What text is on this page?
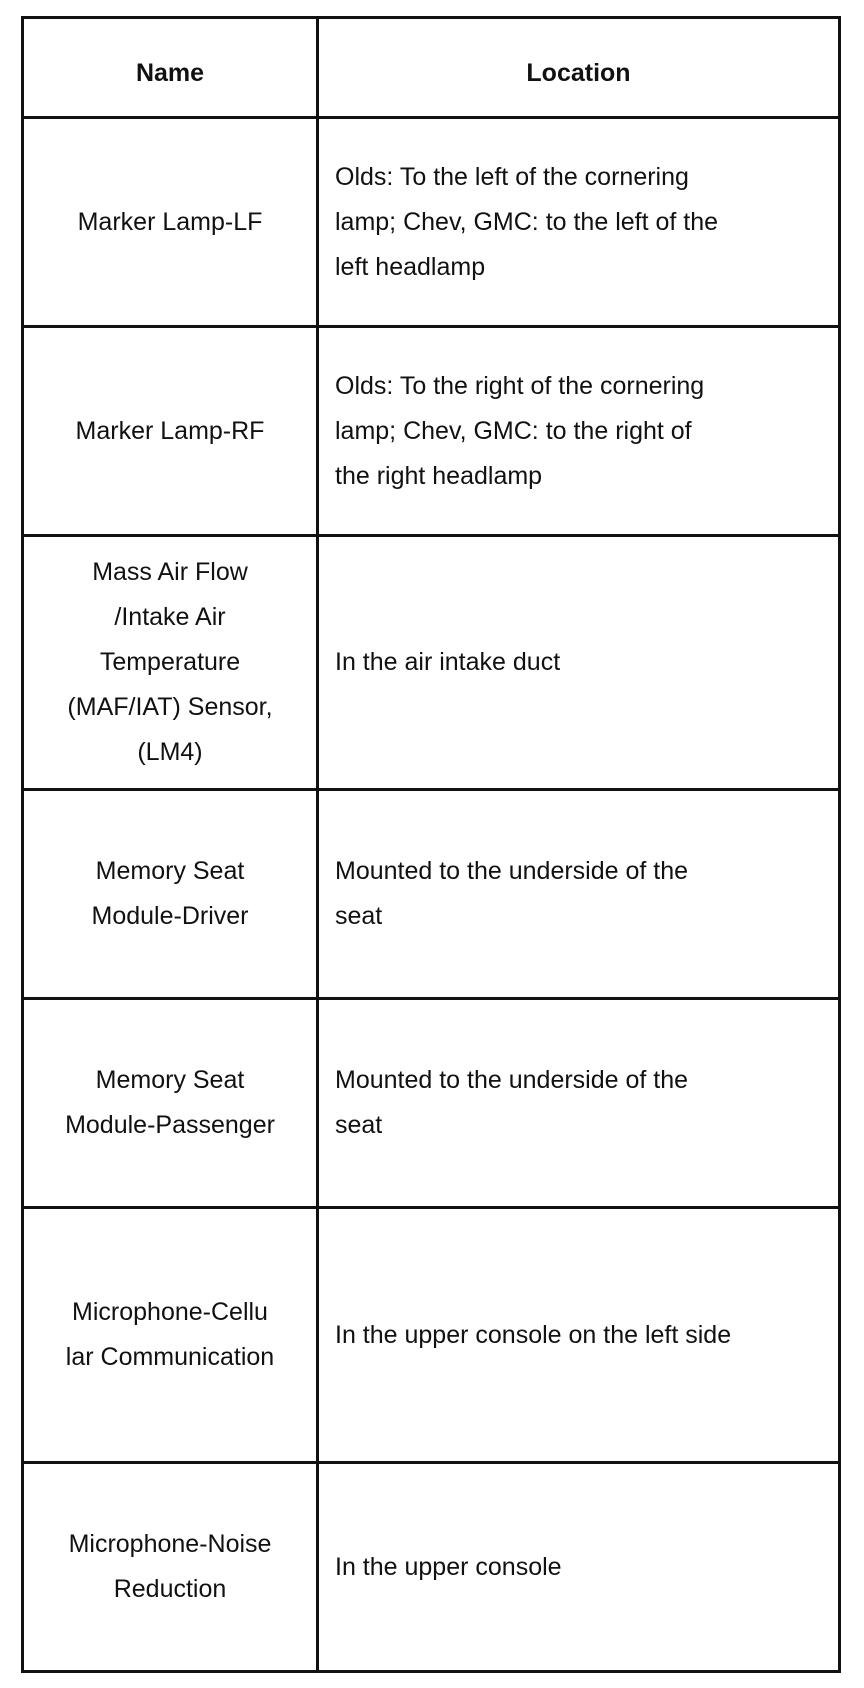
Name	Location

Marker Lamp-LF	Olds: To the left of the cornering
lamp; Chev, GMC: to the left of the
left headlamp

Marker Lamp-RF	Olds: To the right of the cornering
lamp; Chev, GMC: to the right of
the right headlamp

Mass Air Flow
/Intake Air
Temperature
(MAF/IAT) Sensor,
(LM4)	In the air intake duct

Memory Seat
Module-Driver	Mounted to the underside of the
seat

Memory Seat
Module-Passenger	Mounted to the underside of the
seat

Microphone-Cellu
lar Communication	In the upper console on the left side

Microphone-Noise
Reduction	In the upper console
